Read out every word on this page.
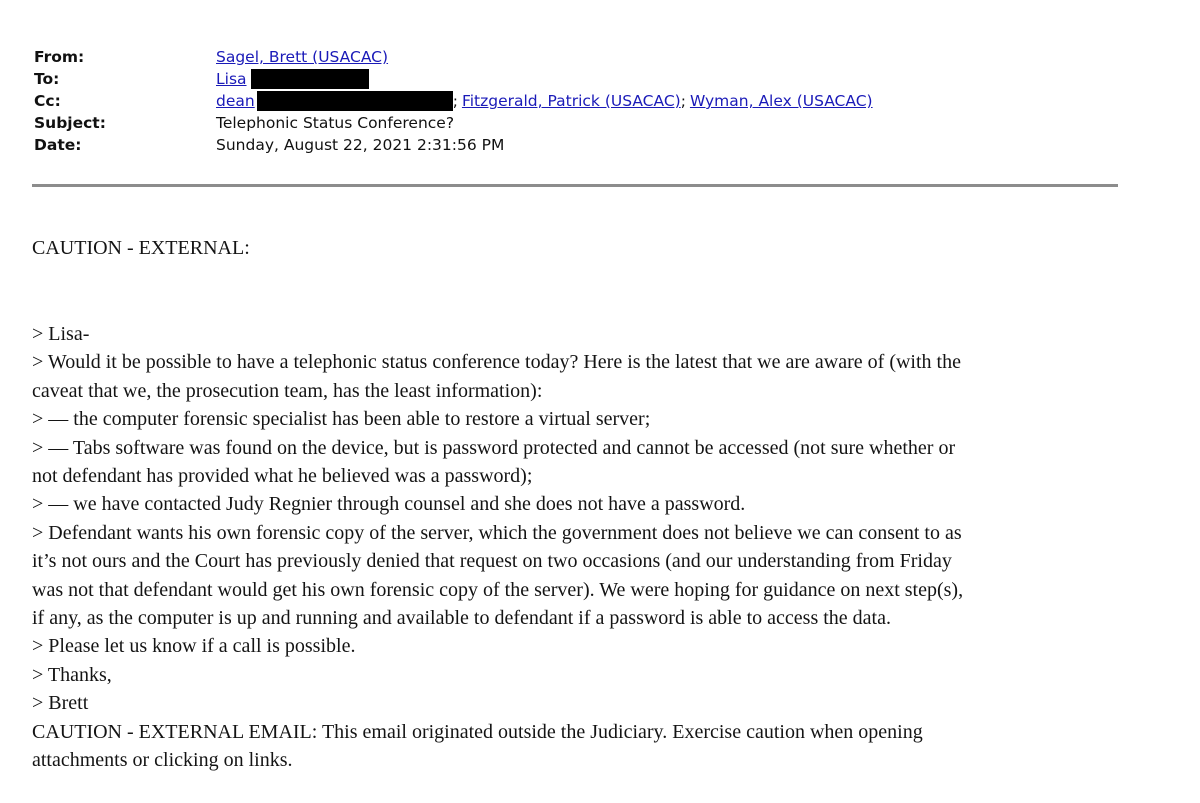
From:	Sagel, Brett (USACAC)
To:	Lisa
Cc:	dean	; Fitzgerald, Patrick (USACAC) ; Wyman, Alex (USACAC)
Subject:	Telephonic Status Conference?
Date:	Sunday, August 22, 2021 2:31:56 PM
CAUTION - EXTERNAL:
> Lisa-
> Would it be possible to have a telephonic status conference today? Here is the latest that we are aware of (with the
caveat that we, the prosecution team, has the least information):
> — the computer forensic specialist has been able to restore a virtual server;
> — Tabs software was found on the device, but is password protected and cannot be accessed (not sure whether or
not defendant has provided what he believed was a password);
> — we have contacted Judy Regnier through counsel and she does not have a password.
> Defendant wants his own forensic copy of the server, which the government does not believe we can consent to as
it’s not ours and the Court has previously denied that request on two occasions (and our understanding from Friday
was not that defendant would get his own forensic copy of the server). We were hoping for guidance on next step(s),
if any, as the computer is up and running and available to defendant if a password is able to access the data.
> Please let us know if a call is possible.
> Thanks,
> Brett
CAUTION - EXTERNAL EMAIL: This email originated outside the Judiciary. Exercise caution when opening
attachments or clicking on links.
